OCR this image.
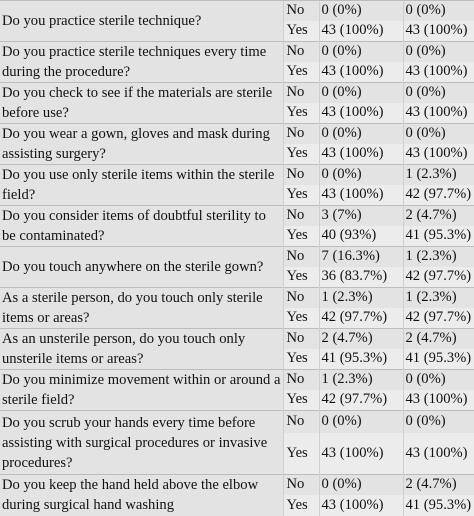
Do you practice sterile technique?	No	0 (0%)	0 (0%)
	Yes	43 (100%)	43 (100%)
Do you practice sterile techniques every time during the procedure?	No	0 (0%)	0 (0%)
	Yes	43 (100%)	43 (100%)
Do you check to see if the materials are sterile before use?	No	0 (0%)	0 (0%)
	Yes	43 (100%)	43 (100%)
Do you wear a gown, gloves and mask during assisting surgery?	No	0 (0%)	0 (0%)
	Yes	43 (100%)	43 (100%)
Do you use only sterile items within the sterile field?	No	0 (0%)	1 (2.3%)
	Yes	43 (100%)	42 (97.7%)
Do you consider items of doubtful sterility to be contaminated?	No	3 (7%)	2 (4.7%)
	Yes	40 (93%)	41 (95.3%)
Do you touch anywhere on the sterile gown?	No	7 (16.3%)	1 (2.3%)
	Yes	36 (83.7%)	42 (97.7%)
As a sterile person, do you touch only sterile items or areas?	No	1 (2.3%)	1 (2.3%)
	Yes	42 (97.7%)	42 (97.7%)
As an unsterile person, do you touch only unsterile items or areas?	No	2 (4.7%)	2 (4.7%)
	Yes	41 (95.3%)	41 (95.3%)
Do you minimize movement within or around a sterile field?	No	1 (2.3%)	0 (0%)
	Yes	42 (97.7%)	43 (100%)
Do you scrub your hands every time before assisting with surgical procedures or invasive procedures?	No	0 (0%)	0 (0%)
	Yes	43 (100%)	43 (100%)
Do you keep the hand held above the elbow during surgical hand washing	No	0 (0%)	2 (4.7%)
	Yes	43 (100%)	41 (95.3%)
